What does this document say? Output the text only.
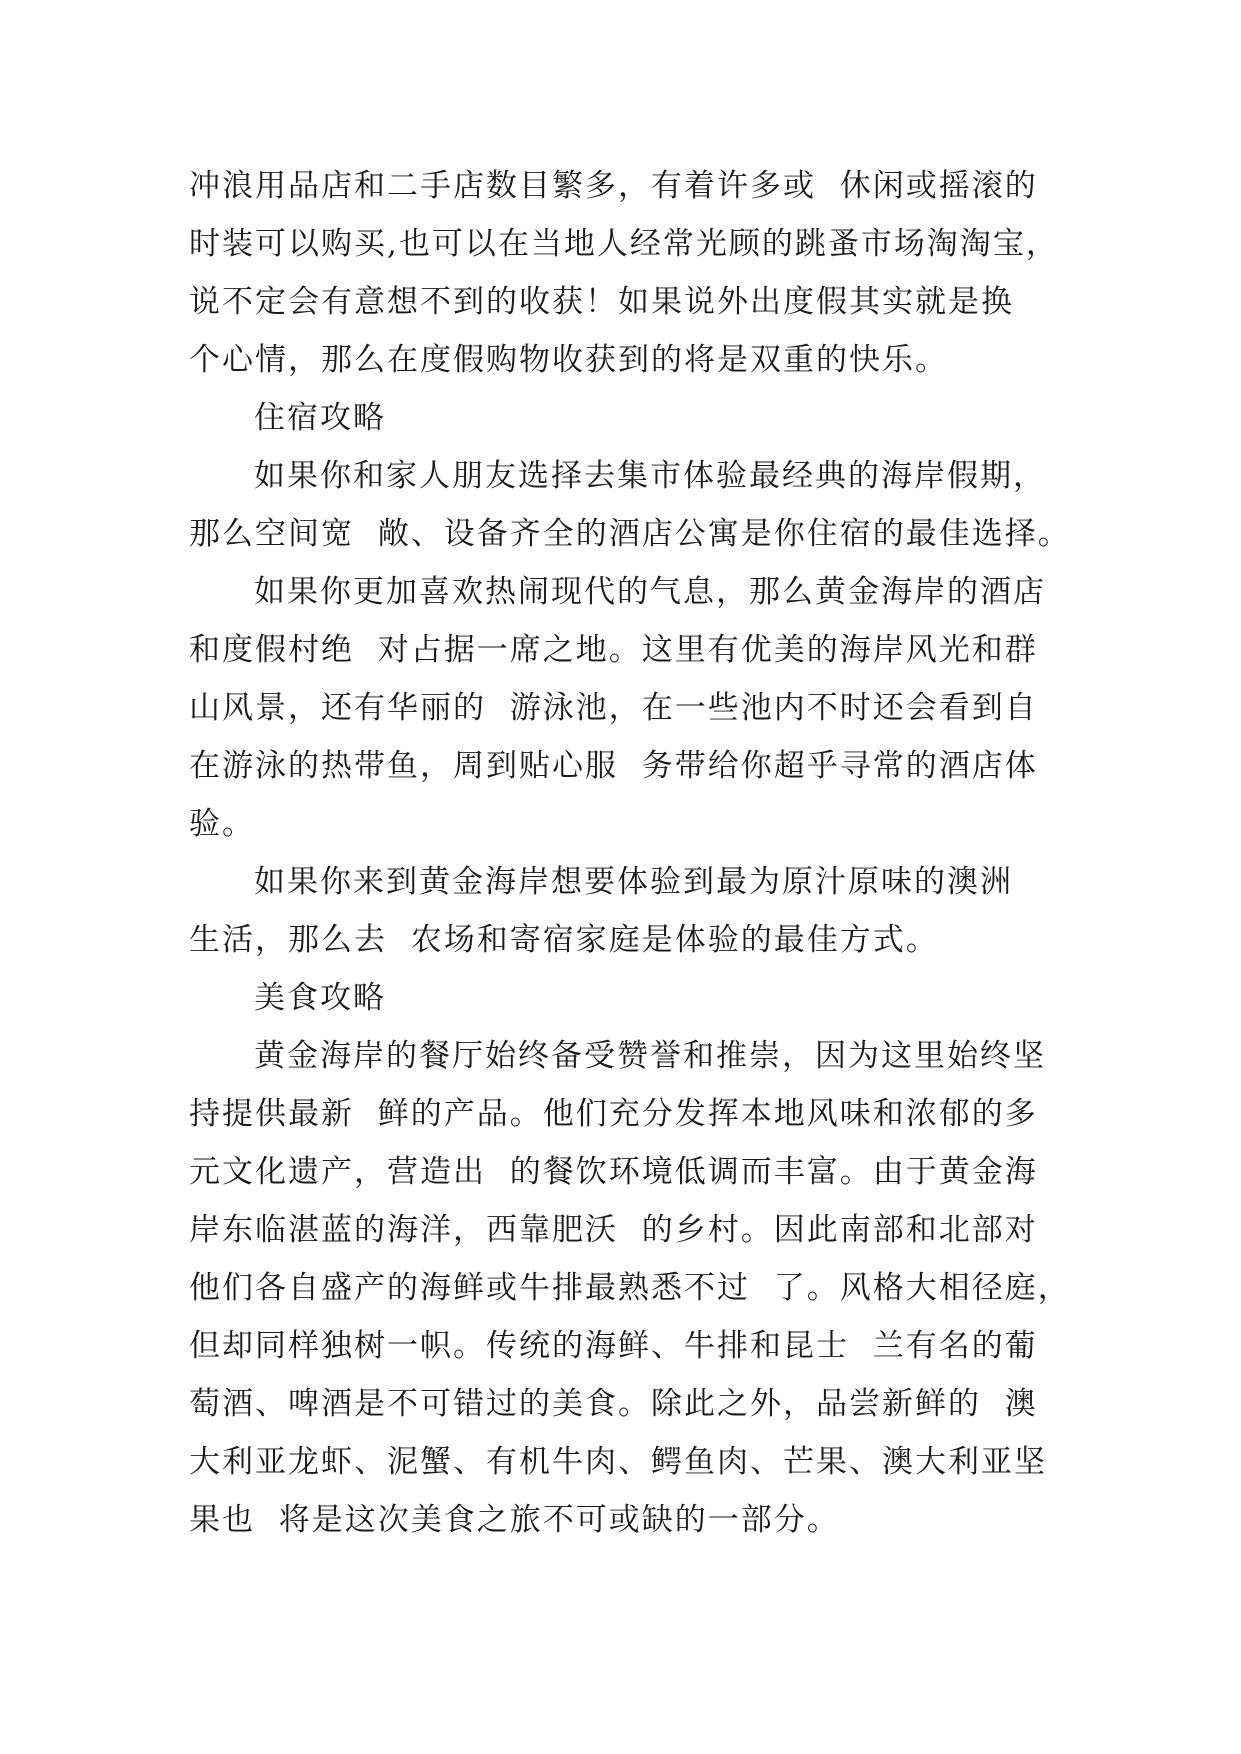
冲浪用品店和二手店数目繁多，有着许多或  休闲或摇滚的
时装可以购买,也可以在当地人经常光顾的跳蚤市场淘淘宝，
说不定会有意想不到的收获！如果说外出度假其实就是换
个心情，那么在度假购物收获到的将是双重的快乐。
住宿攻略
如果你和家人朋友选择去集市体验最经典的海岸假期，
那么空间宽  敞、设备齐全的酒店公寓是你住宿的最佳选择。
如果你更加喜欢热闹现代的气息，那么黄金海岸的酒店
和度假村绝  对占据一席之地。这里有优美的海岸风光和群
山风景，还有华丽的  游泳池，在一些池内不时还会看到自
在游泳的热带鱼，周到贴心服  务带给你超乎寻常的酒店体
验。
如果你来到黄金海岸想要体验到最为原汁原味的澳洲
生活，那么去  农场和寄宿家庭是体验的最佳方式。
美食攻略
黄金海岸的餐厅始终备受赞誉和推崇，因为这里始终坚
持提供最新  鲜的产品。他们充分发挥本地风味和浓郁的多
元文化遗产，营造出  的餐饮环境低调而丰富。由于黄金海
岸东临湛蓝的海洋，西靠肥沃  的乡村。因此南部和北部对
他们各自盛产的海鲜或牛排最熟悉不过  了。风格大相径庭，
但却同样独树一帜。传统的海鲜、牛排和昆士  兰有名的葡
萄酒、啤酒是不可错过的美食。除此之外，品尝新鲜的  澳
大利亚龙虾、泥蟹、有机牛肉、鳄鱼肉、芒果、澳大利亚坚
果也  将是这次美食之旅不可或缺的一部分。
